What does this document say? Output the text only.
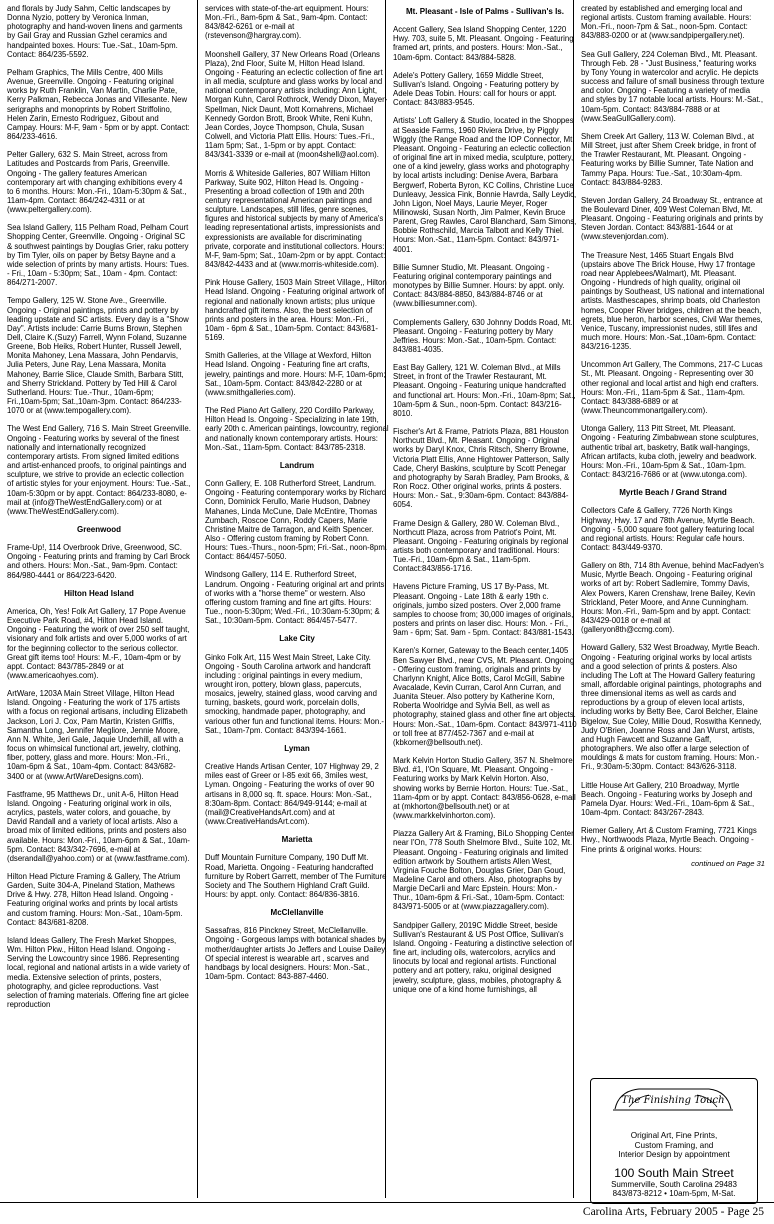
and florals by Judy Sahm, Celtic landscapes by Donna Nyzio, pottery by Veronica Inman, photography and hand-woven linens and garments by Gail Gray and Russian Gzhel ceramics and handpainted boxes. Hours: Tue.-Sat., 10am-5pm. Contact: 864/235-5592.
Pelham Graphics, The Mills Centre, 400 Mills Avenue, Greenville. Ongoing - Featuring original works by Ruth Franklin, Van Martin, Charlie Pate, Kerry Palkman, Rebecca Jonas and Villesante. New serigraphs and monoprints by Robert Striffolino, Helen Zarin, Ernesto Rodriguez, Gibout and Campay. Hours: M-F, 9am - 5pm or by appt. Contact: 864/233-4616.
Pelter Gallery, 632 S. Main Street, across from Latitudes and Postcards from Paris, Greenville. Ongoing - The gallery features American contemporary art with changing exhibitions every 4 to 6 months. Hours: Mon.-Fri., 10am-5:30pm & Sat., 11am-4pm. Contact: 864/242-4311 or at (www.peltergallery.com).
Sea Island Gallery, 115 Pelham Road, Pelham Court Shopping Center, Greenville. Ongoing - Original SC & southwest paintings by Douglas Grier, raku pottery by Tim Tyler, oils on paper by Betsy Bayne and a wide selection of prints by many artists. Hours: Tues. - Fri., 10am - 5:30pm; Sat., 10am - 4pm. Contact: 864/271-2007.
Tempo Gallery, 125 W. Stone Ave., Greenville. Ongoing - Original paintings, prints and pottery by leading upstate and SC artists. Every day is a "Show Day". Artists include: Carrie Burns Brown, Stephen Dell, Claire K.(Suzy) Farrell, Wynn Foland, Suzanne Greene, Bob Heiks, Robert Hunter, Russell Jewell, Monita Mahoney, Lena Massara, John Pendarvis, Julia Peters, June Ray, Lena Massara, Monita Mahoney, Barrie Slice, Claude Smith, Barbara Stitt, and Sherry Strickland. Pottery by Ted Hill & Carol Sutherland. Hours: Tue.-Thur., 10am-6pm; Fri.,10am-5pm; Sat.,10am-3pm. Contact: 864/233-1070 or at (www.tempogallery.com).
The West End Gallery, 716 S. Main Street Greenville. Ongoing - Featuring works by several of the finest nationally and internationally recognized contemporary artists. From signed limited editions and artist-enhanced proofs, to original paintings and sculpture, we strive to provide an eclectic collection of artistic styles for your enjoyment. Hours: Tue.-Sat., 10am-5:30pm or by appt. Contact: 864/233-8080, e-mail at (info@TheWestEndGallery.com) or at (www.TheWestEndGallery.com).
Greenwood
Frame-Up!, 114 Overbrook Drive, Greenwood, SC. Ongoing - Featuring prints and framing by Carl Brock and others. Hours: Mon.-Sat., 9am-9pm. Contact: 864/980-4441 or 864/223-6420.
Hilton Head Island
America, Oh, Yes! Folk Art Gallery, 17 Pope Avenue Executive Park Road, #4, Hilton Head Island. Ongoing - Featuring the work of over 250 self taught, visionary and folk artists and over 5,000 works of art for the beginning collector to the serious collector. Great gift items too! Hours: M.-F., 10am-4pm or by appt. Contact: 843/785-2849 or at (www.americaohyes.com).
ArtWare, 1203A Main Street Village, Hilton Head Island. Ongoing - Featuring the work of 175 artists with a focus on regional artisans, including Elizabeth Jackson, Lori J. Cox, Pam Martin, Kristen Griffis, Samantha Long, Jennifer Megliore, Jennie Moore, Ann N. White, Jeri Gale, Jaquie Underhill, all with a focus on whimsical functional art, jewelry, clothing, fiber, pottery, glass and more. Hours: Mon.-Fri., 10am-6pm & Sat., 10am-4pm. Contact: 843/682-3400 or at (www.ArtWareDesigns.com).
Fastframe, 95 Matthews Dr., unit A-6, Hilton Head Island. Ongoing - Featuring original work in oils, acrylics, pastels, water colors, and gouache, by David Randall and a variety of local artists. Also a broad mix of limited editions, prints and posters also available. Hours: Mon.-Fri., 10am-6pm & Sat., 10am-5pm. Contact: 843/342-7696, e-mail at (dserandall@yahoo.com) or at (www.fastframe.com).
Hilton Head Picture Framing & Gallery, The Atrium Garden, Suite 304-A, Pineland Station, Mathews Drive & Hwy. 278, Hilton Head Island. Ongoing - Featuring original works and prints by local artists and custom framing. Hours: Mon.-Sat., 10am-5pm. Contact: 843/681-8208.
Island Ideas Gallery, The Fresh Market Shoppes, Wm. Hilton Pkw., Hilton Head Island. Ongoing - Serving the Lowcountry since 1986. Representing local, regional and national artists in a wide variety of media. Extensive selection of prints, posters, photography, and giclee reproductions. Vast selection of framing materials. Offering fine art giclee reproduction
services with state-of-the-art equipment. Hours: Mon.-Fri., 8am-6pm & Sat., 9am-4pm. Contact: 843/842-6261 or e-mail at (rstevenson@hargray.com).
Moonshell Gallery, 37 New Orleans Road (Orleans Plaza), 2nd Floor, Suite M, Hilton Head Island. Ongoing - Featuring an eclectic collection of fine art in all media, sculpture and glass works by local and national contemporary artists including: Ann Light, Morgan Kuhn, Carol Rothrock, Wendy Dixon, Mayer-Spellman, Nick Daunt, Mott Kornahrens, Michael Kennedy Gordon Brott, Brook White, Reni Kuhn, Jean Cordes, Joyce Thompson, Chula, Susan Colwell, and Victoria Platt Ellis. Hours: Tues.-Fri., 11am 5pm; Sat., 1-5pm or by appt. Contact: 843/341-3339 or e-mail at (moon4shell@aol.com).
Morris & Whiteside Galleries, 807 William Hilton Parkway, Suite 902, Hilton Head Is. Ongoing - Presenting a broad collection of 19th and 20th century representational American paintings and sculpture. Landscapes, still lifes, genre scenes, figures and historical subjects by many of America's leading representational artists, impressionists and expressionists are available for discriminating private, corporate and institutional collectors. Hours: M-F, 9am-5pm; Sat., 10am-2pm or by appt. Contact: 843/842-4433 and at (www.morris-whiteside.com).
Pink House Gallery, 1503 Main Street Village,, Hilton Head Island. Ongoing - Featuring original artwork of regional and nationally known artists; plus unique handcrafted gift items. Also, the best selection of prints and posters in the area. Hours: Mon.-Fri., 10am - 6pm & Sat., 10am-5pm. Contact: 843/681-5169.
Smith Galleries, at the Village at Wexford, Hilton Head Island. Ongoing - Featuring fine art crafts, jewelry, paintings and more. Hours: M-F, 10am-6pm; Sat., 10am-5pm. Contact: 843/842-2280 or at (www.smithgalleries.com).
The Red Piano Art Gallery, 220 Cordillo Parkway, Hilton Head Is. Ongoing - Specializing in late 19th, early 20th c. American paintings, lowcountry, regional and nationally known contemporary artists. Hours: Mon.-Sat., 11am-5pm. Contact: 843/785-2318.
Landrum
Conn Gallery, E. 108 Rutherford Street, Landrum. Ongoing - Featuring contemporary works by Richard Conn, Dominick Ferullo, Marie Hudson, Dabney Mahanes, Linda McCune, Dale McEntire, Thomas Zumbach, Roscoe Conn, Roddy Capers, Marie Christine Maitre de Tarragon, and Keith Spencer. Also - Offering custom framing by Robert Conn. Hours: Tues.-Thurs., noon-5pm; Fri.-Sat., noon-8pm. Contact: 864/457-5050.
Windsong Gallery, 114 E. Rutherford Street, Landrum. Ongoing - Featuring original art and prints of works with a "horse theme" or western. Also offering custom framing and fine art gifts. Hours: Tue., noon-5:30pm; Wed.-Fri., 10:30am-5:30pm; & Sat., 10:30am-5pm. Contact: 864/457-5477.
Lake City
Ginko Folk Art, 115 West Main Street, Lake City. Ongoing - South Carolina artwork and handcraft including : original paintings in every medium, wrought iron, pottery, blown glass, papercuts, mosaics, jewelry, stained glass, wood carving and turning, baskets, gourd work, porcelain dolls, smocking, handmade paper, photography, and various other fun and functional items. Hours: Mon.-Sat., 10am-7pm. Contact: 843/394-1661.
Lyman
Creative Hands Artisan Center, 107 Highway 29, 2 miles east of Greer or I-85 exit 66, 3miles west, Lyman. Ongoing - Featuring the works of over 90 artisans in 8,000 sq. ft. space. Hours: Mon.-Sat., 8:30am-8pm. Contact: 864/949-9144; e-mail at (mail@CreativeHandsArt.com) and at (www.CreativeHandsArt.com).
Marietta
Duff Mountain Furniture Company, 190 Duff Mt. Road, Marietta. Ongoing - Featuring handcrafted furniture by Robert Garrett, member of The Furniture Society and The Southern Highland Craft Guild. Hours: by appt. only. Contact: 864/836-3816.
McClellanville
Sassafras, 816 Pinckney Street, McClellanville. Ongoing - Gorgeous lamps with botanical shades by mother/daughter artists Jo Jeffers and Louise Dailey. Of special interest is wearable art , scarves and handbags by local designers. Hours: Mon.-Sat., 10am-5pm. Contact: 843-887-4460.
Mt. Pleasant - Isle of Palms - Sullivan's Is.
Accent Gallery, Sea Island Shopping Center, 1220 Hwy. 703, suite 5, Mt. Pleasant. Ongoing - Featuring framed art, prints, and posters. Hours: Mon.-Sat., 10am-6pm. Contact: 843/884-5828.
Adele's Pottery Gallery, 1659 Middle Street, Sullivan's Island. Ongoing - Featuring pottery by Adele Deas Tobin. Hours: call for hours or appt. Contact: 843/883-9545.
Artists' Loft Gallery & Studio, located in the Shoppes at Seaside Farms, 1960 Riviera Drive, by Piggly Wiggly (the Range Road and the IOP Connector, Mt. Pleasant. Ongoing - Featuring an eclectic collection of original fine art in mixed media, sculpture, pottery, one of a kind jewelry, glass works and photography by local artists including: Denise Avera, Barbara Bergwerf, Roberta Byron, KC Collins, Christine Luce Dunleavy, Jessica Fink, Bonnie Havrda, Sally Leydic, John Ligon, Noel Mays, Laurie Meyer, Roger Milinowski, Susan North, Jim Palmer, Kevin Bruce Parent, Greg Rawles, Carol Blanchard, Sam Simons, Bobbie Rothschild, Marcia Talbott and Kelly Thiel. Hours: Mon.-Sat., 11am-5pm. Contact: 843/971-4001.
Billie Sumner Studio, Mt. Pleasant. Ongoing - Featuring original contemporary paintings and monotypes by Billie Sumner. Hours: by appt. only. Contact: 843/884-8850, 843/884-8746 or at (www.billiesumner.com).
Complements Gallery, 630 Johnny Dodds Road, Mt. Pleasant. Ongoing - Featuring pottery by Mary Jeffries. Hours: Mon.-Sat., 10am-5pm. Contact: 843/881-4035.
East Bay Gallery, 121 W. Coleman Blvd., at Mills Street, in front of the Trawler Restaurant, Mt. Pleasant. Ongoing - Featuring unique handcrafted and functional art. Hours: Mon.-Fri., 10am-8pm; Sat., 10am-5pm & Sun., noon-5pm. Contact: 843/216-8010.
Fischer's Art & Frame, Patriots Plaza, 881 Houston Northcutt Blvd., Mt. Pleasant. Ongoing - Original works by Daryl Knox, Chris Ritsch, Sherry Browne, Victoria Platt Ellis, Anne Hightower Patterson, Sally Cade, Cheryl Baskins, sculpture by Scott Penegar and photography by Sarah Bradley, Pam Brooks, & Ron Rocz. Other original works, prints & posters. Hours: Mon.- Sat., 9:30am-6pm. Contact: 843/884-6054.
Frame Design & Gallery, 280 W. Coleman Blvd., Northcutt Plaza, across from Patriot's Point, Mt. Pleasant. Ongoing - Featuring originals by regional artists both contemporary and traditional. Hours: Tue.-Fri., 10am-6pm & Sat., 11am-5pm. Contact:843/856-1716.
Havens Picture Framing, US 17 By-Pass, Mt. Pleasant. Ongoing - Late 18th & early 19th c. originals, jumbo sized posters. Over 2,000 frame samples to choose from; 30,000 images of originals, posters and prints on laser disc. Hours: Mon. - Fri., 9am - 6pm; Sat. 9am - 5pm. Contact: 843/881-1543.
Karen's Korner, Gateway to the Beach center,1405 Ben Sawyer Blvd., near CVS, Mt. Pleasant. Ongoing - Offering custom framing, originals and prints by Charlynn Knight, Alice Botts, Carol McGill, Sabine Avacalade, Kevin Curran, Carol Ann Curran, and Juanita Steuer. Also pottery by Katherine Korn, Roberta Woolridge and Sylvia Bell, as well as photography, stained glass and other fine art objects. Hours: Mon.-Sat., 10am-6pm. Contact: 843/971-4110 or toll free at 877/452-7367 and e-mail at (kbkorner@bellsouth.net).
Mark Kelvin Horton Studio Gallery, 357 N. Shelmore Blvd. #1, I'On Square, Mt. Pleasant. Ongoing - Featuring works by Mark Kelvin Horton. Also, showing works by Bernie Horton. Hours: Tue.-Sat., 11am-4pm or by appt. Contact: 843/856-0628, e-mail at (mkhorton@bellsouth.net) or at (www.markkelvinhorton.com).
Piazza Gallery Art & Framing, BiLo Shopping Center near I'On, 778 South Shelmore Blvd., Suite 102, Mt. Pleasant. Ongoing - Featuring originals and limited edition artwork by Southern artists Allen West, Virginia Fouche Bolton, Douglas Grier, Dan Goud, Madeline Carol and others. Also, photographs by Margie DeCarli and Marc Epstein. Hours: Mon.-Thur., 10am-6pm & Fri.-Sat., 10am-5pm. Contact: 843/971-5005 or at (www.piazzagallery.com).
Sandpiper Gallery, 2019C Middle Street, beside Sullivan's Restaurant & US Post Office, Sullivan's Island. Ongoing - Featuring a distinctive selection of fine art, including oils, watercolors, acrylics and linocuts by local and regional artists. Functional pottery and art pottery, raku, original designed jewelry, sculpture, glass, mobiles, photography & unique one of a kind home furnishings, all
created by established and emerging local and regional artists. Custom framing available. Hours: Mon.-Fri., noon-7pm & Sat., noon-5pm. Contact: 843/883-0200 or at (www.sandpipergallery.net).
Sea Gull Gallery, 224 Coleman Blvd., Mt. Pleasant. Through Feb. 28 - "Just Business," featuring works by Tony Young in watercolor and acrylic. He depicts success and failure of small business through texture and color. Ongoing - Featuring a variety of media and styles by 17 notable local artists. Hours: M.-Sat., 10am-5pm. Contact: 843/884-7888 or at (www.SeaGullGallery.com).
Shem Creek Art Gallery, 113 W. Coleman Blvd., at Mill Street, just after Shem Creek bridge, in front of the Trawler Restaurant, Mt. Pleasant. Ongoing - Featuring works by Billie Sumner, Tate Nation and Tammy Papa. Hours: Tue.-Sat., 10:30am-4pm. Contact: 843/884-9283.
Steven Jordan Gallery, 24 Broadway St., entrance at the Boulevard Diner, 409 West Coleman Blvd, Mt. Pleasant. Ongoing - Featuring originals and prints by Steven Jordan. Contact: 843/881-1644 or at (www.stevenjordan.com).
The Treasure Nest, 1465 Stuart Engals Blvd (upstairs above The Brick House, Hwy 17 frontage road near Applebees/Walmart), Mt. Pleasant. Ongoing - Hundreds of high quality, original oil paintings by Southeast, US national and international artists. Masthescapes, shrimp boats, old Charleston homes, Cooper River bridges, children at the beach, egrets, blue heron, harbor scenes, Civil War themes, Venice, Tuscany, impressionist nudes, still lifes and much more. Hours: Mon.-Sat.,10am-6pm. Contact: 843/216-1235.
Uncommon Art Gallery, The Commons, 217-C Lucas St., Mt. Pleasant. Ongoing - Representing over 30 other regional and local artist and high end crafters. Hours: Mon.-Fri., 11am-5pm & Sat., 11am-4pm. Contact: 843/388-6889 or at (www.Theuncommonartgallery.com).
Utonga Gallery, 113 Pitt Street, Mt. Pleasant. Ongoing - Featuring Zimbabwean stone sculptures, authentic tribal art, basketry, Batik wall-hangings, African artifacts, kuba cloth, jewelry and beadwork. Hours: Mon.-Fri., 10am-5pm & Sat., 10am-1pm. Contact: 843/216-7686 or at (www.utonga.com).
Myrtle Beach / Grand Strand
Collectors Cafe & Gallery, 7726 North Kings Highway, Hwy. 17 and 78th Avenue, Myrtle Beach. Ongoing - 5,000 square foot gallery featuring local and regional artists. Hours: Regular cafe hours. Contact: 843/449-9370.
Gallery on 8th, 714 8th Avenue, behind MacFadyen's Music, Myrtle Beach. Ongoing - Featuring original works of art by: Robert Sadlemire, Tommy Davis, Alex Powers, Karen Crenshaw, Irene Bailey, Kevin Strickland, Peter Moore, and Anne Cunningham. Hours: Mon.-Fri., 9am-5pm and by appt. Contact: 843/429-0018 or e-mail at (galleryon8th@ccmg.com).
Howard Gallery, 532 West Broadway, Myrtle Beach. Ongoing - Featuring original works by local artists and a good selection of prints & posters. Also including The Loft at The Howard Gallery featuring small, affordable original paintings, photographs and three dimensional items as well as cards and reproductions by a group of eleven local artists, including works by Betty Bee, Carol Belcher, Elaine Bigelow, Sue Coley, Millie Doud, Roswitha Kennedy, Judy O'Brien, Joanne Ross and Jan Wurst, artists, and Hugh Fawcett and Suzanne Gaff, photographers. We also offer a large selection of mouldings & mats for custom framing. Hours: Mon.-Fri., 9:30am-5:30pm. Contact: 843/626-3118.
Little House Art Gallery, 210 Broadway, Myrtle Beach. Ongoing - Featuring works by Joseph and Pamela Dyar. Hours: Wed.-Fri., 10am-6pm & Sat., 10am-4pm. Contact: 843/267-2843.
Riemer Gallery, Art & Custom Framing, 7721 Kings Hwy., Northwoods Plaza, Myrtle Beach. Ongoing - Fine prints & original works. Hours:
continued on Page 31
The Finishing Touch
Original Art, Fine Prints,
Custom Framing, and
Interior Design by appointment
100 South Main Street
Summerville, South Carolina 29483
843/873-8212 • 10am-5pm, M-Sat.
Carolina Arts, February 2005 - Page 25
